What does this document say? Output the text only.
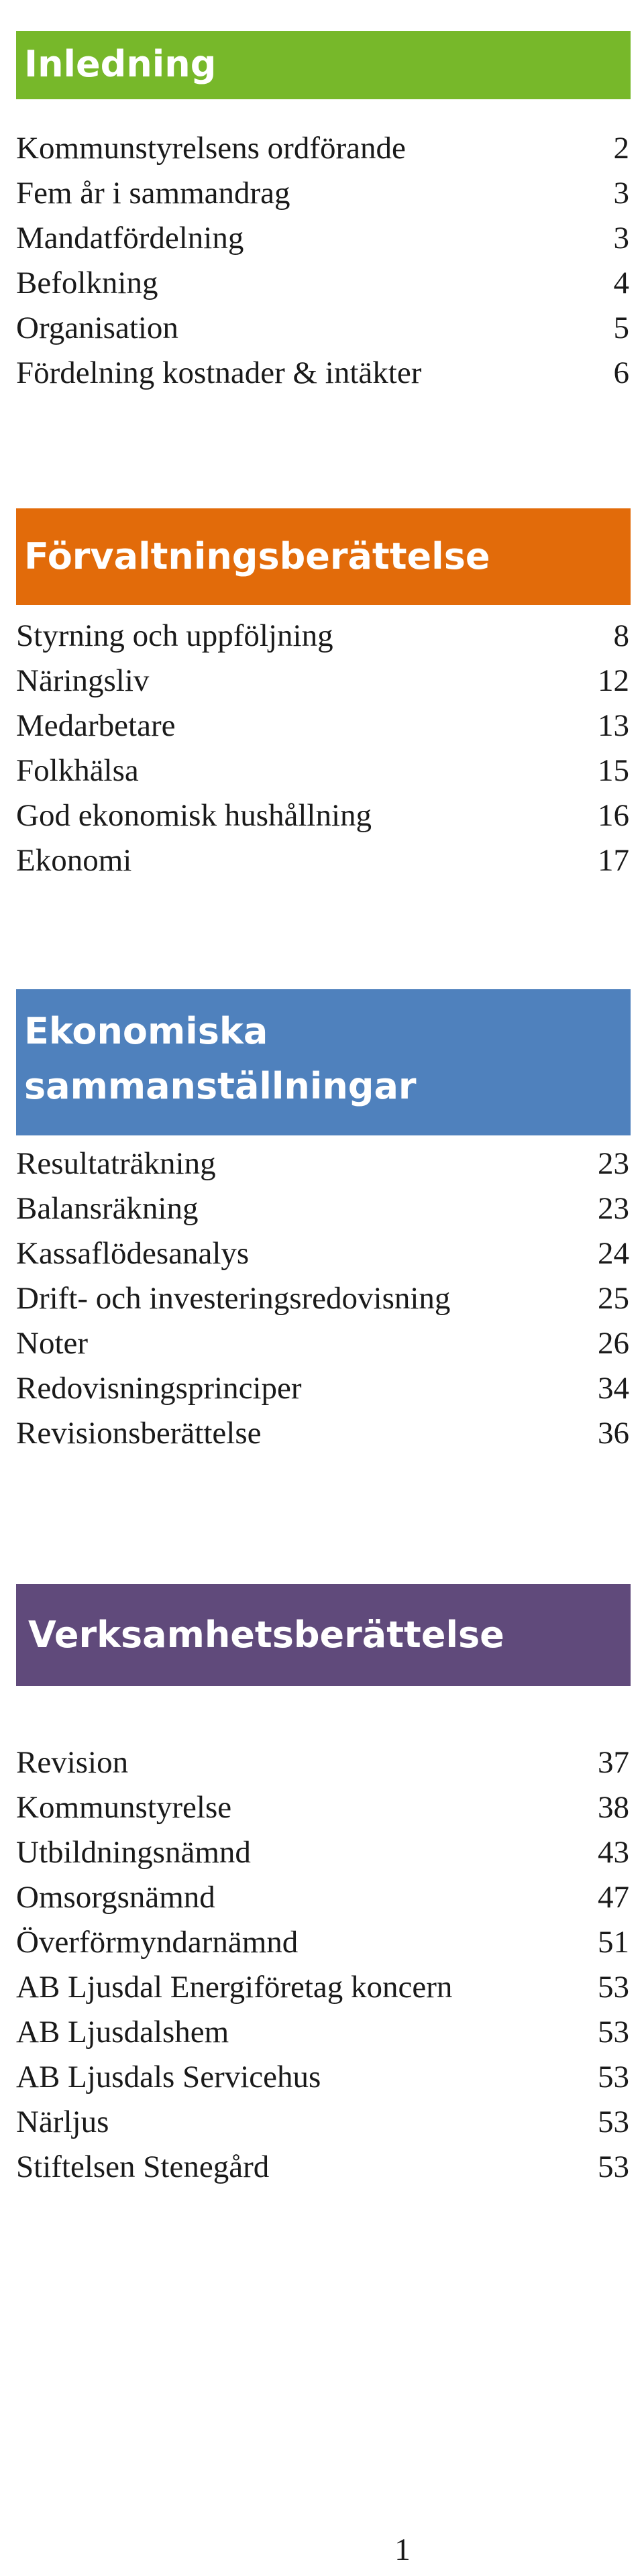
Inledning
Kommunstyrelsens ordförande	2
Fem år i sammandrag	3
Mandatfördelning	3
Befolkning	4
Organisation	5
Fördelning kostnader & intäkter	6
Förvaltningsberättelse
Styrning och uppföljning	8
Näringsliv	12
Medarbetare	13
Folkhälsa	15
God ekonomisk hushållning	16
Ekonomi	17
Ekonomiska
sammanställningar
Resultaträkning	23
Balansräkning	23
Kassaflödesanalys	24
Drift- och investeringsredovisning	25
Noter	26
Redovisningsprinciper	34
Revisionsberättelse	36
Verksamhetsberättelse
Revision	37
Kommunstyrelse	38
Utbildningsnämnd	43
Omsorgsnämnd	47
Överförmyndarnämnd	51
AB Ljusdal Energiföretag koncern	53
AB Ljusdalshem	53
AB Ljusdals Servicehus	53
Närljus	53
Stiftelsen Stenegård	53
1
